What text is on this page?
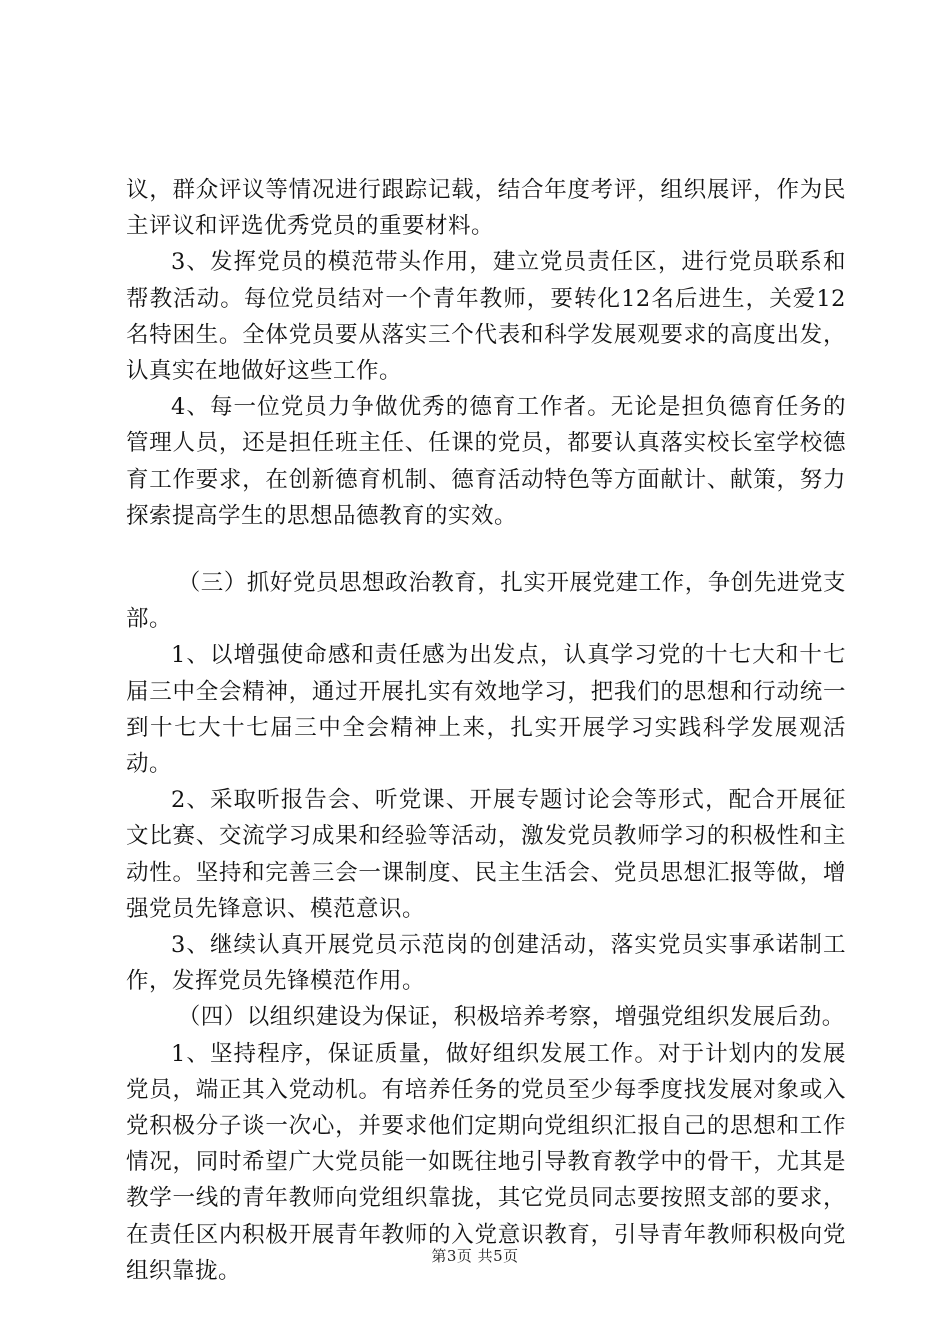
议，群众评议等情况进行跟踪记载，结合年度考评，组织展评，作为民主评议和评选优秀党员的重要材料。

3、发挥党员的模范带头作用，建立党员责任区，进行党员联系和帮教活动。每位党员结对一个青年教师，要转化12名后进生，关爱12名特困生。全体党员要从落实三个代表和科学发展观要求的高度出发，认真实在地做好这些工作。

4、每一位党员力争做优秀的德育工作者。无论是担负德育任务的管理人员，还是担任班主任、任课的党员，都要认真落实校长室学校德育工作要求，在创新德育机制、德育活动特色等方面献计、献策，努力探索提高学生的思想品德教育的实效。

（三）抓好党员思想政治教育，扎实开展党建工作，争创先进党支部。

1、以增强使命感和责任感为出发点，认真学习党的十七大和十七届三中全会精神，通过开展扎实有效地学习，把我们的思想和行动统一到十七大十七届三中全会精神上来，扎实开展学习实践科学发展观活动。

2、采取听报告会、听党课、开展专题讨论会等形式，配合开展征文比赛、交流学习成果和经验等活动，激发党员教师学习的积极性和主动性。坚持和完善三会一课制度、民主生活会、党员思想汇报等做，增强党员先锋意识、模范意识。

3、继续认真开展党员示范岗的创建活动，落实党员实事承诺制工作，发挥党员先锋模范作用。

（四）以组织建设为保证，积极培养考察，增强党组织发展后劲。

1、坚持程序，保证质量，做好组织发展工作。对于计划内的发展党员，端正其入党动机。有培养任务的党员至少每季度找发展对象或入党积极分子谈一次心，并要求他们定期向党组织汇报自己的思想和工作情况，同时希望广大党员能一如既往地引导教育教学中的骨干，尤其是教学一线的青年教师向党组织靠拢，其它党员同志要按照支部的要求，在责任区内积极开展青年教师的入党意识教育，引导青年教师积极向党组织靠拢。

第3页 共5页
